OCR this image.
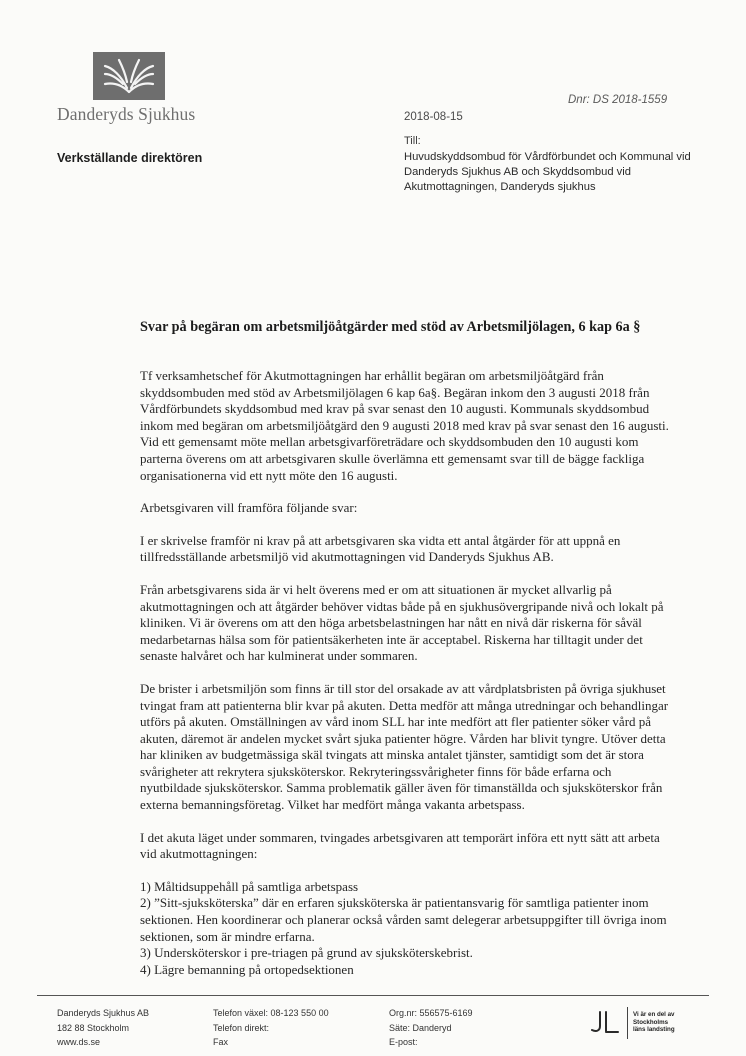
Danderyds Sjukhus
Dnr: DS 2018-1559
2018-08-15
Verkställande direktören
Till:
Huvudskyddsombud för Vårdförbundet och Kommunal vid Danderyds Sjukhus AB och Skyddsombud vid Akutmottagningen, Danderyds sjukhus
Svar på begäran om arbetsmiljöåtgärder med stöd av Arbetsmiljölagen, 6 kap 6a §

Tf verksamhetschef för Akutmottagningen har erhållit begäran om arbetsmiljöåtgärd från skyddsombuden med stöd av Arbetsmiljölagen 6 kap 6a§. Begäran inkom den 3 augusti 2018 från Vårdförbundets skyddsombud med krav på svar senast den 10 augusti. Kommunals skyddsombud inkom med begäran om arbetsmiljöåtgärd den 9 augusti 2018 med krav på svar senast den 16 augusti. Vid ett gemensamt möte mellan arbetsgivarföreträdare och skyddsombuden den 10 augusti kom parterna överens om att arbetsgivaren skulle överlämna ett gemensamt svar till de bägge fackliga organisationerna vid ett nytt möte den 16 augusti.

Arbetsgivaren vill framföra följande svar:

I er skrivelse framför ni krav på att arbetsgivaren ska vidta ett antal åtgärder för att uppnå en tillfredsställande arbetsmiljö vid akutmottagningen vid Danderyds Sjukhus AB.

Från arbetsgivarens sida är vi helt överens med er om att situationen är mycket allvarlig på akutmottagningen och att åtgärder behöver vidtas både på en sjukhusövergripande nivå och lokalt på kliniken. Vi är överens om att den höga arbetsbelastningen har nått en nivå där riskerna för såväl medarbetarnas hälsa som för patientsäkerheten inte är acceptabel. Riskerna har tilltagit under det senaste halvåret och har kulminerat under sommaren.

De brister i arbetsmiljön som finns är till stor del orsakade av att vårdplatsbristen på övriga sjukhuset tvingat fram att patienterna blir kvar på akuten. Detta medför att många utredningar och behandlingar utförs på akuten. Omställningen av vård inom SLL har inte medfört att fler patienter söker vård på akuten, däremot är andelen mycket svårt sjuka patienter högre. Vården har blivit tyngre. Utöver detta har kliniken av budgetmässiga skäl tvingats att minska antalet tjänster, samtidigt som det är stora svårigheter att rekrytera sjuksköterskor. Rekryteringssvårigheter finns för både erfarna och nyutbildade sjuksköterskor. Samma problematik gäller även för timanställda och sjuksköterskor från externa bemanningsföretag. Vilket har medfört många vakanta arbetspass.

I det akuta läget under sommaren, tvingades arbetsgivaren att temporärt införa ett nytt sätt att arbeta vid akutmottagningen:

1) Måltidsuppehåll på samtliga arbetspass
2) ”Sitt-sjuksköterska” där en erfaren sjuksköterska är patientansvarig för samtliga patienter inom sektionen. Hen koordinerar och planerar också vården samt delegerar arbetsuppgifter till övriga inom sektionen, som är mindre erfarna.
3) Undersköterskor i pre-triagen på grund av sjuksköterskebrist.
4) Lägre bemanning på ortopedsektionen
Danderyds Sjukhus AB
182 88 Stockholm
www.ds.se
Telefon växel: 08-123 550 00
Telefon direkt:
Fax
Org.nr: 556575-6169
Säte: Danderyd
E-post:
Vi är en del av
Stockholms
läns landsting
